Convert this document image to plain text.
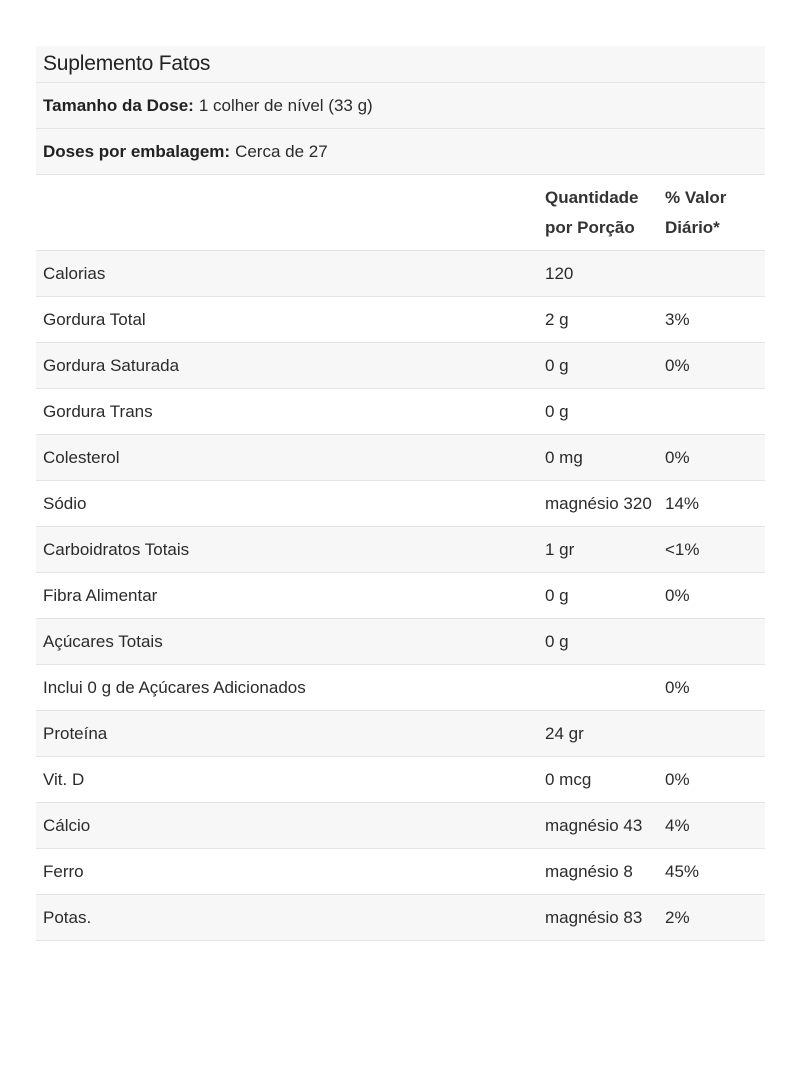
Suplemento Fatos
Tamanho da Dose: 1 colher de nível (33 g)
Doses por embalagem: Cerca de 27
	Quantidade por Porção	% Valor Diário*
Calorias	120	
Gordura Total	2 g	3%
Gordura Saturada	0 g	0%
Gordura Trans	0 g	
Colesterol	0 mg	0%
Sódio	magnésio 320	14%
Carboidratos Totais	1 gr	<1%
Fibra Alimentar	0 g	0%
Açúcares Totais	0 g	
Inclui 0 g de Açúcares Adicionados		0%
Proteína	24 gr	
Vit. D	0 mcg	0%
Cálcio	magnésio 43	4%
Ferro	magnésio 8	45%
Potas.	magnésio 83	2%
